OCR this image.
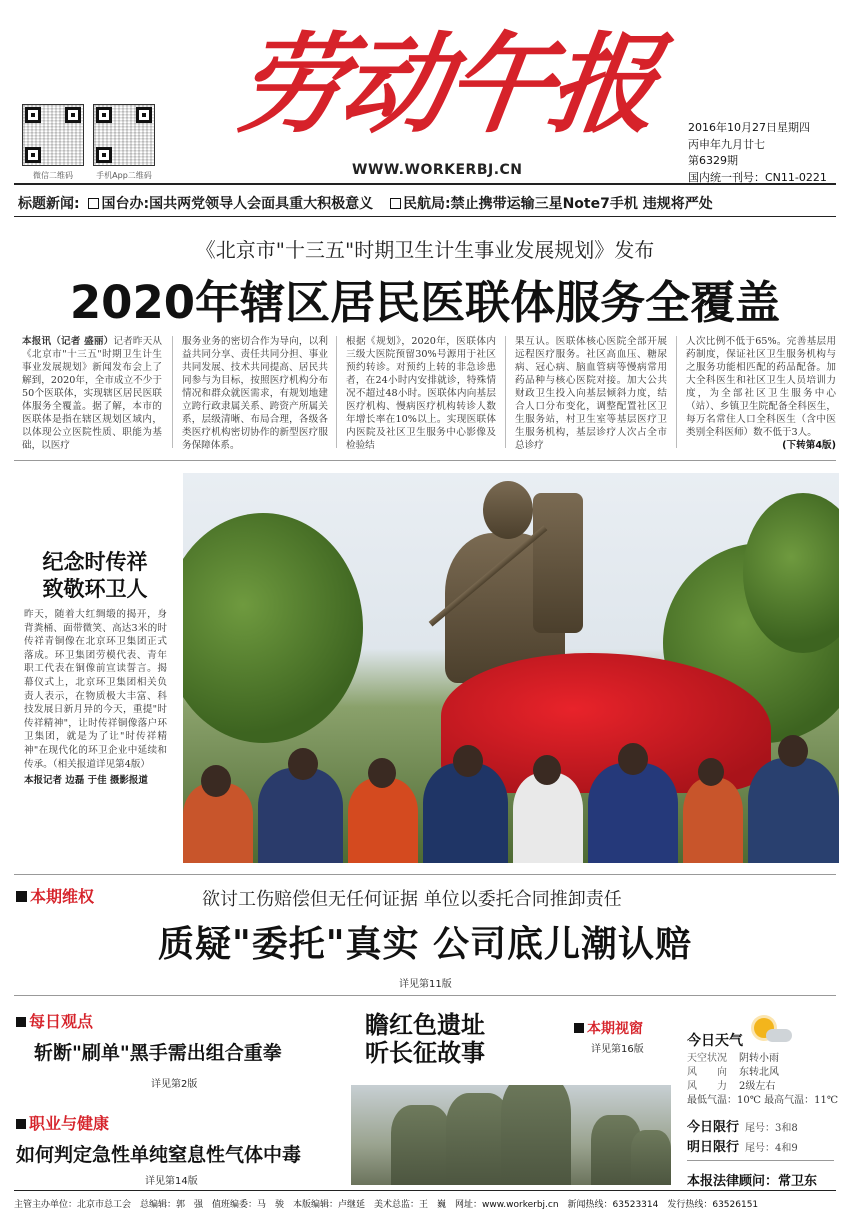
微信二维码	手机App二维码
劳动午报
WWW.WORKERBJ.CN
2016年10月27日星期四
丙申年九月廿七
第6329期
国内统一刊号：CN11-0221
标题新闻: 国台办:国共两党领导人会面具重大积极意义 民航局:禁止携带运输三星Note7手机 违规将严处
《北京市"十三五"时期卫生计生事业发展规划》发布
2020年辖区居民医联体服务全覆盖
本报讯（记者 盛丽）记者昨天从《北京市"十三五"时期卫生计生事业发展规划》新闻发布会上了解到，2020年，全市成立不少于50个医联体，实现辖区居民医联体服务全覆盖。据了解，本市的医联体是指在辖区规划区域内，以体现公立医院性质、职能为基础，以医疗
服务业务的密切合作为导向，以利益共同分享、责任共同分担、事业共同发展、技术共同提高、居民共同参与为目标，按照医疗机构分布情况和群众就医需求，有规划地建立跨行政隶属关系、跨资产所属关系，层级清晰、布局合理，各级各类医疗机构密切协作的新型医疗服务保障体系。
根据《规划》，2020年，医联体内三级大医院预留30%号源用于社区预约转诊。对预约上转的非急诊患者，在24小时内安排就诊，特殊情况不超过48小时。医联体内向基层医疗机构、慢病医疗机构转诊人数年增长率在10%以上。实现医联体内医院及社区卫生服务中心影像及检验结
果互认。医联体核心医院全部开展远程医疗服务。社区高血压、糖尿病、冠心病、脑血管病等慢病常用药品种与核心医院对接。加大公共财政卫生投入向基层倾斜力度，结合人口分布变化，调整配置社区卫生服务站，村卫生室等基层医疗卫生服务机构，基层诊疗人次占全市总诊疗
人次比例不低于65%。完善基层用药制度，保证社区卫生服务机构与之服务功能相匹配的药品配备。加大全科医生和社区卫生人员培训力度，为全部社区卫生服务中心（站）、乡镇卫生院配备全科医生，每万名常住人口全科医生（含中医类别全科医师）数不低于3人。
(下转第4版)
纪念时传祥
致敬环卫人
昨天，随着大红绸缎的揭开，身背粪桶、面带微笑、高达3米的时传祥青铜像在北京环卫集团正式落成。环卫集团劳模代表、青年职工代表在铜像前宣读誓言。揭幕仪式上，北京环卫集团相关负责人表示，在物质极大丰富、科技发展日新月异的今天，重提"时传祥精神"，让时传祥铜像落户环卫集团，就是为了让"时传祥精神"在现代化的环卫企业中延续和传承。（相关报道详见第4版）
本报记者 边磊 于佳 摄影报道
本期维权	欲讨工伤赔偿但无任何证据 单位以委托合同推卸责任
质疑"委托"真实 公司底儿潮认赔
详见第11版
每日观点
斩断"刷单"黑手需出组合重拳
详见第2版
职业与健康
如何判定急性单纯窒息性气体中毒
详见第14版
瞻红色遗址
听长征故事
本期视窗
详见第16版
今日天气
天空状况 阴转小雨
风　　向 东转北风
风　　力 2级左右
最低气温：10℃ 最高气温：11℃
今日限行 尾号：3和8
明日限行 尾号：4和9
本报法律顾问：常卫东
主管主办单位：北京市总工会　总编辑：郭　强　值班编委：马　骏　本版编辑：卢继延　美术总监：王　巍　网址：www.workerbj.cn　新闻热线：63523314　发行热线：63526151
